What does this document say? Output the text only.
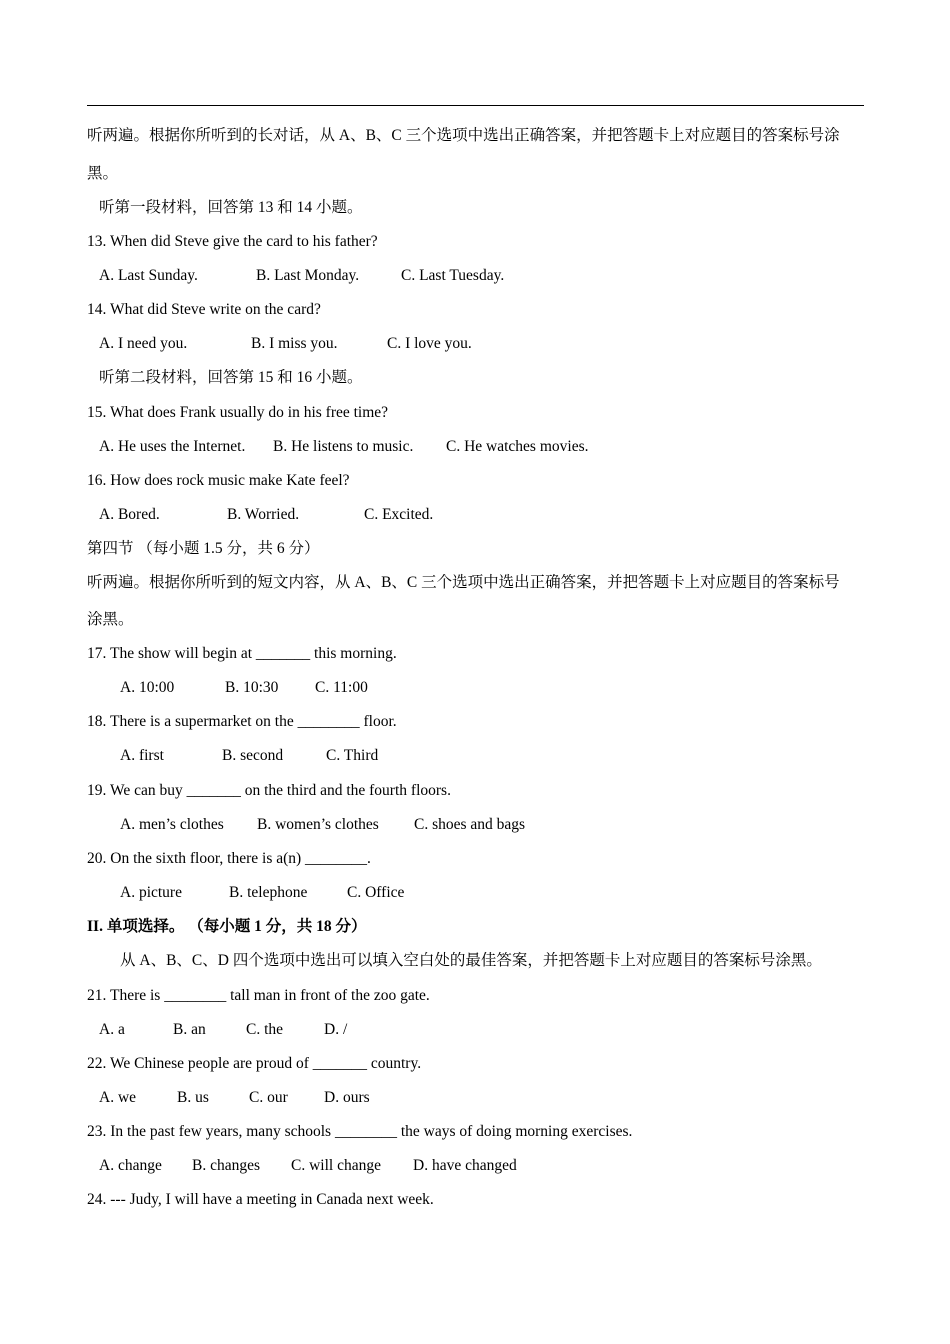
听两遍。根据你所听到的长对话，从 A、B、C 三个选项中选出正确答案，并把答题卡上对应题目的答案标号涂
黑。
听第一段材料，回答第 13 和 14 小题。
13. When did Steve give the card to his father?
A. Last Sunday.	B. Last Monday.	C. Last Tuesday.
14. What did Steve write on the card?
A. I need you.	B. I miss you.	C. I love you.
听第二段材料，回答第 15 和 16 小题。
15. What does Frank usually do in his free time?
A. He uses the Internet. B. He listens to music. C. He watches movies.
16. How does rock music make Kate feel?
A. Bored.	B. Worried.	C. Excited.
第四节 （每小题 1.5 分，共 6 分）
听两遍。根据你所听到的短文内容，从 A、B、C 三个选项中选出正确答案，并把答题卡上对应题目的答案标号
涂黑。
17. The show will begin at _______ this morning.
A. 10:00	B. 10:30 C. 11:00
18. There is a supermarket on the ________ floor.
A. first	B. second	C. Third
19. We can buy _______ on the third and the fourth floors.
A. men’s clothes B. women’s clothes C. shoes and bags
20. On the sixth floor, there is a(n) ________.
A. picture	B. telephone	C. Office
II. 单项选择。 （每小题 1 分，共 18 分）
从 A、B、C、D 四个选项中选出可以填入空白处的最佳答案，并把答题卡上对应题目的答案标号涂黑。
21. There is ________ tall man in front of the zoo gate.
A. a	B. an	C. the	D. /
22. We Chinese people are proud of _______ country.
A. we	B. us	C. our D. ours
23. In the past few years, many schools ________ the ways of doing morning exercises.
A. change B. changes C. will change D. have changed
24. --- Judy, I will have a meeting in Canada next week.
